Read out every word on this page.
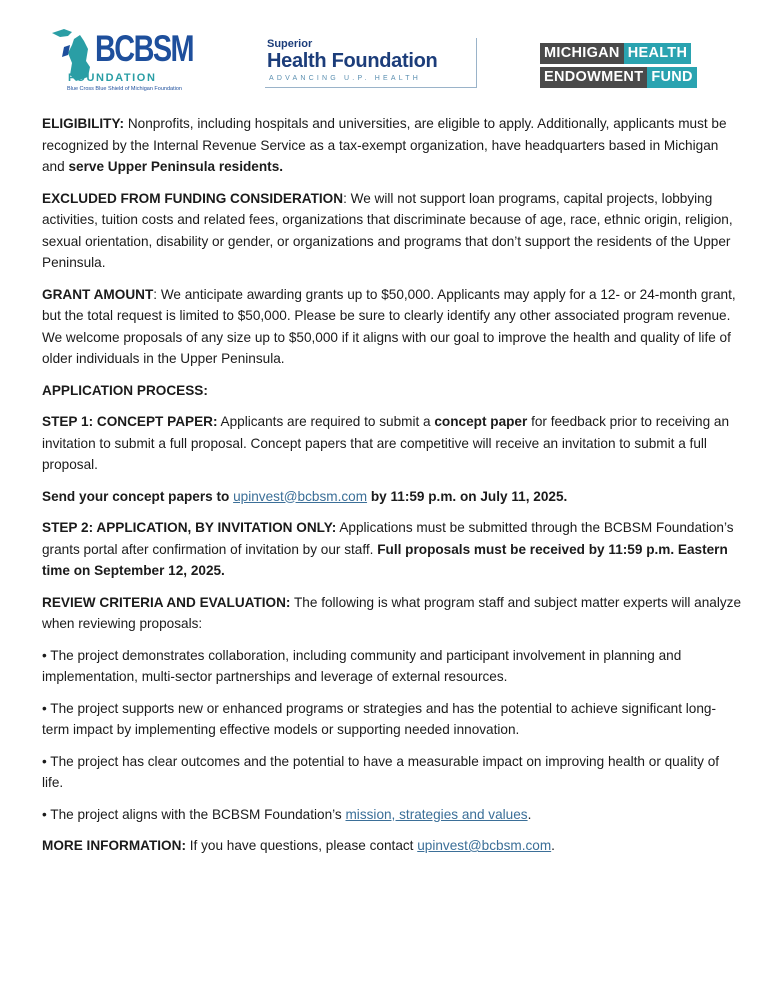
BCBSM
FOUNDATION
Blue Cross Blue Shield of Michigan Foundation
Superior
Health Foundation
ADVANCING U.P. HEALTH
MICHIGAN HEALTH
ENDOWMENT FUND

ELIGIBILITY: Nonprofits, including hospitals and universities, are eligible to apply. Additionally, applicants must be recognized by the Internal Revenue Service as a tax-exempt organization, have headquarters based in Michigan and serve Upper Peninsula residents.

EXCLUDED FROM FUNDING CONSIDERATION: We will not support loan programs, capital projects, lobbying activities, tuition costs and related fees, organizations that discriminate because of age, race, ethnic origin, religion, sexual orientation, disability or gender, or organizations and programs that don’t support the residents of the Upper Peninsula.

GRANT AMOUNT: We anticipate awarding grants up to $50,000. Applicants may apply for a 12- or 24-month grant, but the total request is limited to $50,000. Please be sure to clearly identify any other associated program revenue. We welcome proposals of any size up to $50,000 if it aligns with our goal to improve the health and quality of life of older individuals in the Upper Peninsula.

APPLICATION PROCESS:

STEP 1: CONCEPT PAPER: Applicants are required to submit a concept paper for feedback prior to receiving an invitation to submit a full proposal. Concept papers that are competitive will receive an invitation to submit a full proposal.

Send your concept papers to upinvest@bcbsm.com by 11:59 p.m. on July 11, 2025.

STEP 2: APPLICATION, BY INVITATION ONLY: Applications must be submitted through the BCBSM Foundation’s grants portal after confirmation of invitation by our staff. Full proposals must be received by 11:59 p.m. Eastern time on September 12, 2025.

REVIEW CRITERIA AND EVALUATION: The following is what program staff and subject matter experts will analyze when reviewing proposals:

• The project demonstrates collaboration, including community and participant involvement in planning and implementation, multi-sector partnerships and leverage of external resources.

• The project supports new or enhanced programs or strategies and has the potential to achieve significant long-term impact by implementing effective models or supporting needed innovation.

• The project has clear outcomes and the potential to have a measurable impact on improving health or quality of life.

• The project aligns with the BCBSM Foundation’s mission, strategies and values.

MORE INFORMATION: If you have questions, please contact upinvest@bcbsm.com.
